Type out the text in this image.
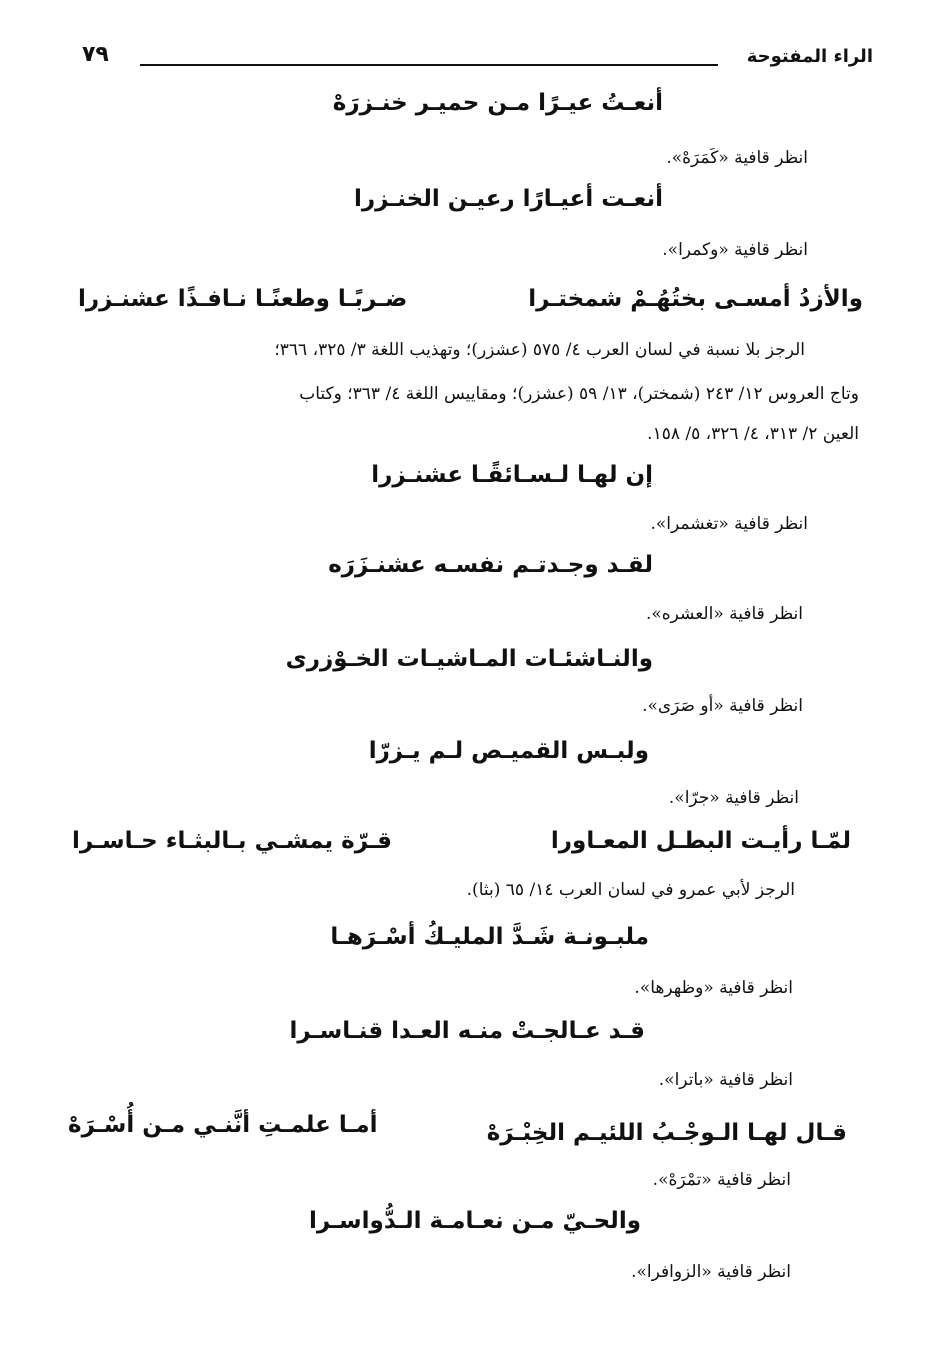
الراء المفتوحة
٧٩
أنعـتُ عيـرًا مـن حميـر خنـزرَهْ
انظر قافية «كَمَرَهْ».
أنعـت أعيـارًا رعيـن الخنـزرا
انظر قافية «وكمرا».
والأزدُ أمسـى بختُهُـمْ شمختـرا
ضـربًـا وطعنًـا نـافـذًا عشنـزرا
الرجز بلا نسبة في لسان العرب ٤/ ٥٧٥ (عشزر)؛ وتهذيب اللغة ٣/ ٣٢٥، ٣٦٦؛
وتاج العروس ١٢/ ٢٤٣ (شمختر)، ١٣/ ٥٩ (عشزر)؛ ومقاييس اللغة ٤/ ٣٦٣؛ وكتاب
العين ٢/ ٣١٣، ٤/ ٣٢٦، ٥/ ١٥٨.
إن لهـا لـسـائقًـا عشنـزرا
انظر قافية «تغشمرا».
لقـد وجـدتـم نفسـه عشنـزَرَه
انظر قافية «العشره».
والنـاشئـات المـاشيـات الخـوْزرى
انظر قافية «أو صَرَى».
ولبـس القميـص لـم يـزرّا
انظر قافية «جرّا».
لمّـا رأيـت البطـل المعـاورا
قـرّة يمشـي بـالبثـاء حـاسـرا
الرجز لأبي عمرو في لسان العرب ١٤/ ٦٥ (بثا).
ملبـونـة شَـدَّ المليـكُ أسْـرَهـا
انظر قافية «وظهرها».
قـد عـالجـتْ منـه العـدا قنـاسـرا
انظر قافية «باترا».
قـال لهـا الـوجْـبُ اللئيـم الخِبْـرَهْ
أمـا علمـتِ أنَّنـي مـن أُسْـرَهْ
انظر قافية «تمْرَهْ».
والحـيّ مـن نعـامـة الـدُّواسـرا
انظر قافية «الزوافرا».
